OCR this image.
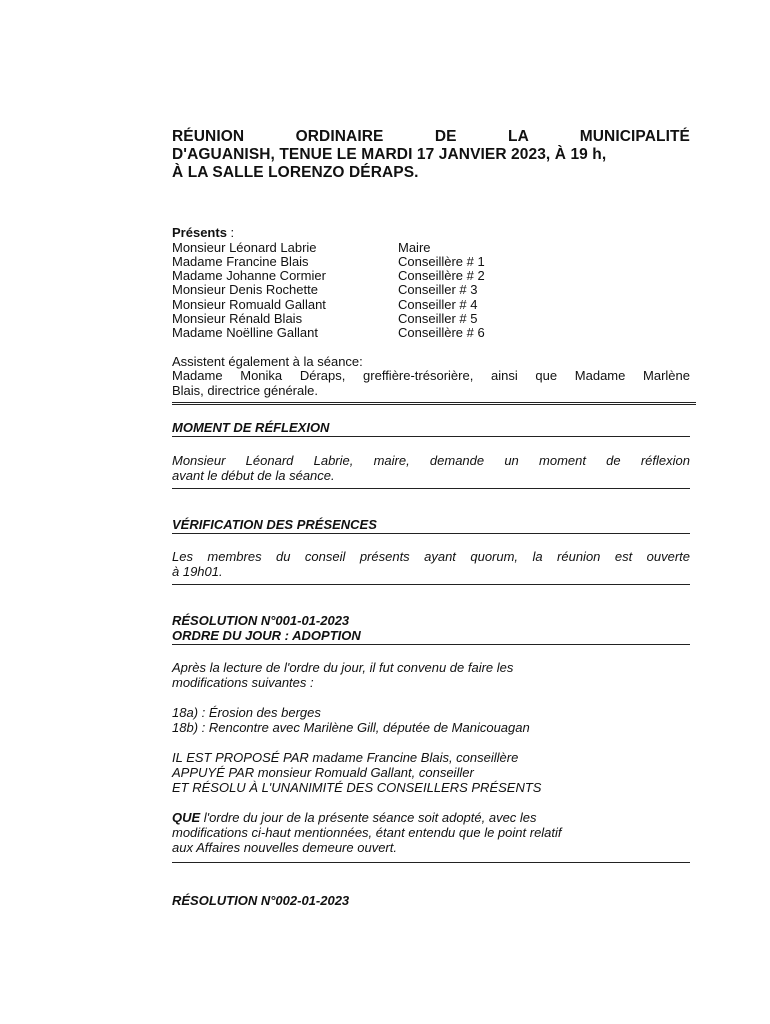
RÉUNION ORDINAIRE DE LA MUNICIPALITÉ
D'AGUANISH, TENUE LE MARDI 17 JANVIER 2023, À 19 h,
À LA SALLE LORENZO DÉRAPS.
Présents :
Monsieur Léonard Labrie	Maire
Madame Francine Blais	Conseillère # 1
Madame Johanne Cormier	Conseillère # 2
Monsieur Denis Rochette	Conseiller # 3
Monsieur Romuald Gallant	Conseiller # 4
Monsieur Rénald Blais	Conseiller # 5
Madame Noëlline Gallant	Conseillère # 6
Assistent également à la séance:
Madame Monika Déraps, greffière-trésorière, ainsi que Madame Marlène
Blais, directrice générale.
MOMENT DE RÉFLEXION
Monsieur Léonard Labrie, maire, demande un moment de réflexion
avant le début de la séance.
VÉRIFICATION DES PRÉSENCES
Les membres du conseil présents ayant quorum, la réunion est ouverte
à 19h01.
RÉSOLUTION N°001-01-2023
ORDRE DU JOUR : ADOPTION
Après la lecture de l'ordre du jour, il fut convenu de faire les
modifications suivantes :
18a) : Érosion des berges
18b) : Rencontre avec Marilène Gill, députée de Manicouagan
IL EST PROPOSÉ PAR madame Francine Blais, conseillère
APPUYÉ PAR monsieur Romuald Gallant, conseiller
ET RÉSOLU À L'UNANIMITÉ DES CONSEILLERS PRÉSENTS
QUE l'ordre du jour de la présente séance soit adopté, avec les
modifications ci-haut mentionnées, étant entendu que le point relatif
aux Affaires nouvelles demeure ouvert.
RÉSOLUTION N°002-01-2023
